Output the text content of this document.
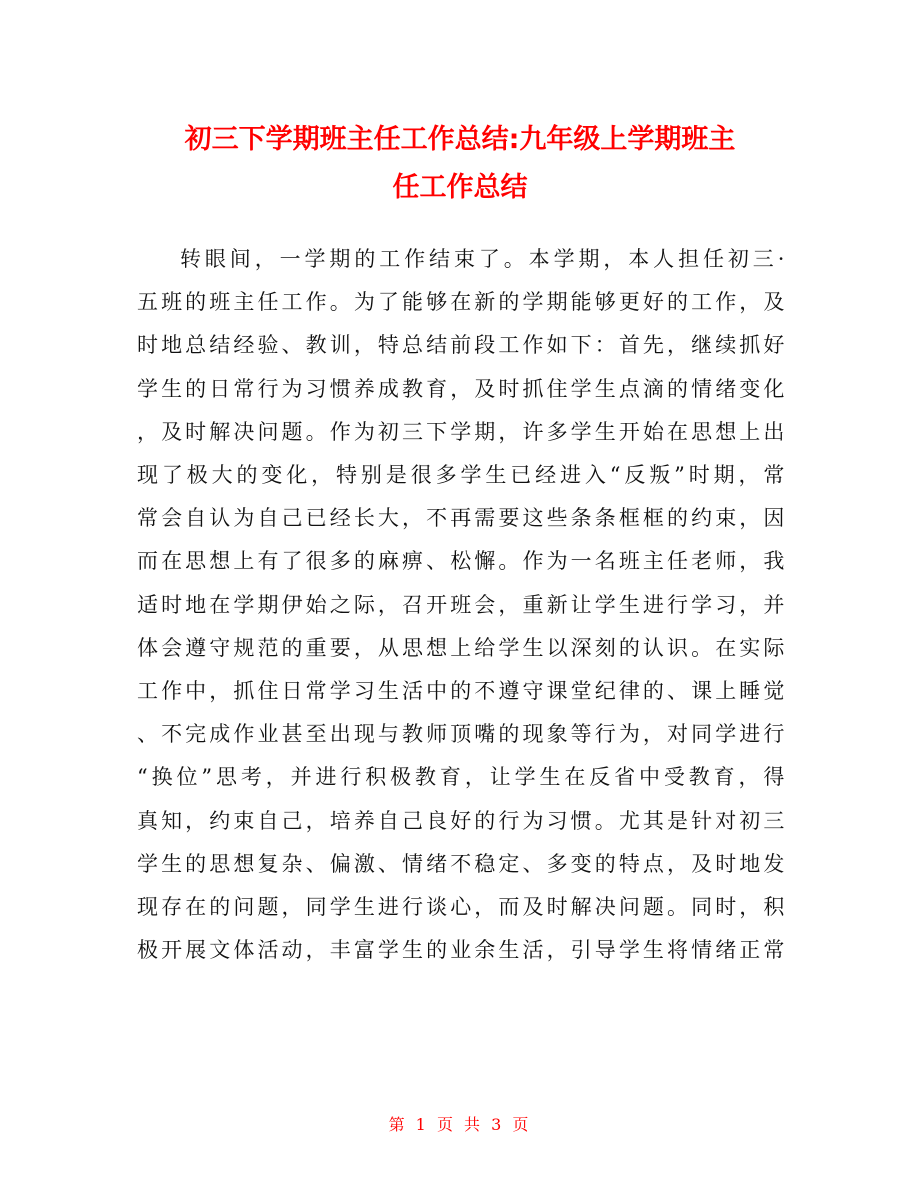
初三下学期班主任工作总结:九年级上学期班主
任工作总结
转眼间，一学期的工作结束了。本学期，本人担任初三·
五班的班主任工作。为了能够在新的学期能够更好的工作，及
时地总结经验、教训，特总结前段工作如下：首先，继续抓好
学生的日常行为习惯养成教育，及时抓住学生点滴的情绪变化
，及时解决问题。作为初三下学期，许多学生开始在思想上出
现了极大的变化，特别是很多学生已经进入“反叛”时期，常
常会自认为自己已经长大，不再需要这些条条框框的约束，因
而在思想上有了很多的麻痹、松懈。作为一名班主任老师，我
适时地在学期伊始之际，召开班会，重新让学生进行学习，并
体会遵守规范的重要，从思想上给学生以深刻的认识。在实际
工作中，抓住日常学习生活中的不遵守课堂纪律的、课上睡觉
、不完成作业甚至出现与教师顶嘴的现象等行为，对同学进行
“换位”思考，并进行积极教育，让学生在反省中受教育，得
真知，约束自己，培养自己良好的行为习惯。尤其是针对初三
学生的思想复杂、偏激、情绪不稳定、多变的特点，及时地发
现存在的问题，同学生进行谈心，而及时解决问题。同时，积
极开展文体活动，丰富学生的业余生活，引导学生将情绪正常
第 1 页 共 3 页
